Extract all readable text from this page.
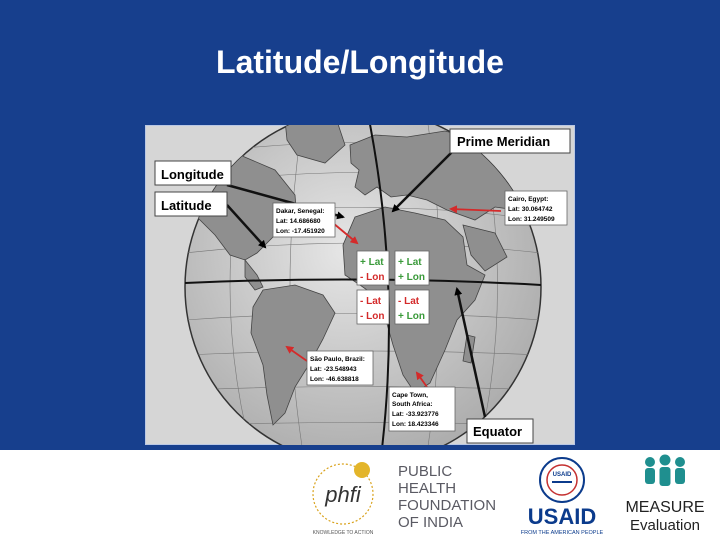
Latitude/Longitude
Longitude
Latitude
Prime Meridian
Equator
Dakar, Senegal:
Lat: 14.686680
Lon: -17.451920
Cairo, Egypt:
Lat: 30.064742
Lon: 31.249509
São Paulo, Brazil:
Lat: -23.548943
Lon: -46.638818
Cape Town,
South Africa:
Lat: -33.923776
Lon: 18.423346
+ Lat
- Lon
+ Lat
+ Lon
- Lat
- Lon
- Lat
+ Lon
phfi
KNOWLEDGE TO ACTION
PUBLIC
HEALTH
FOUNDATION
OF INDIA
USAID
USAID
FROM THE AMERICAN PEOPLE
MEASURE
Evaluation
